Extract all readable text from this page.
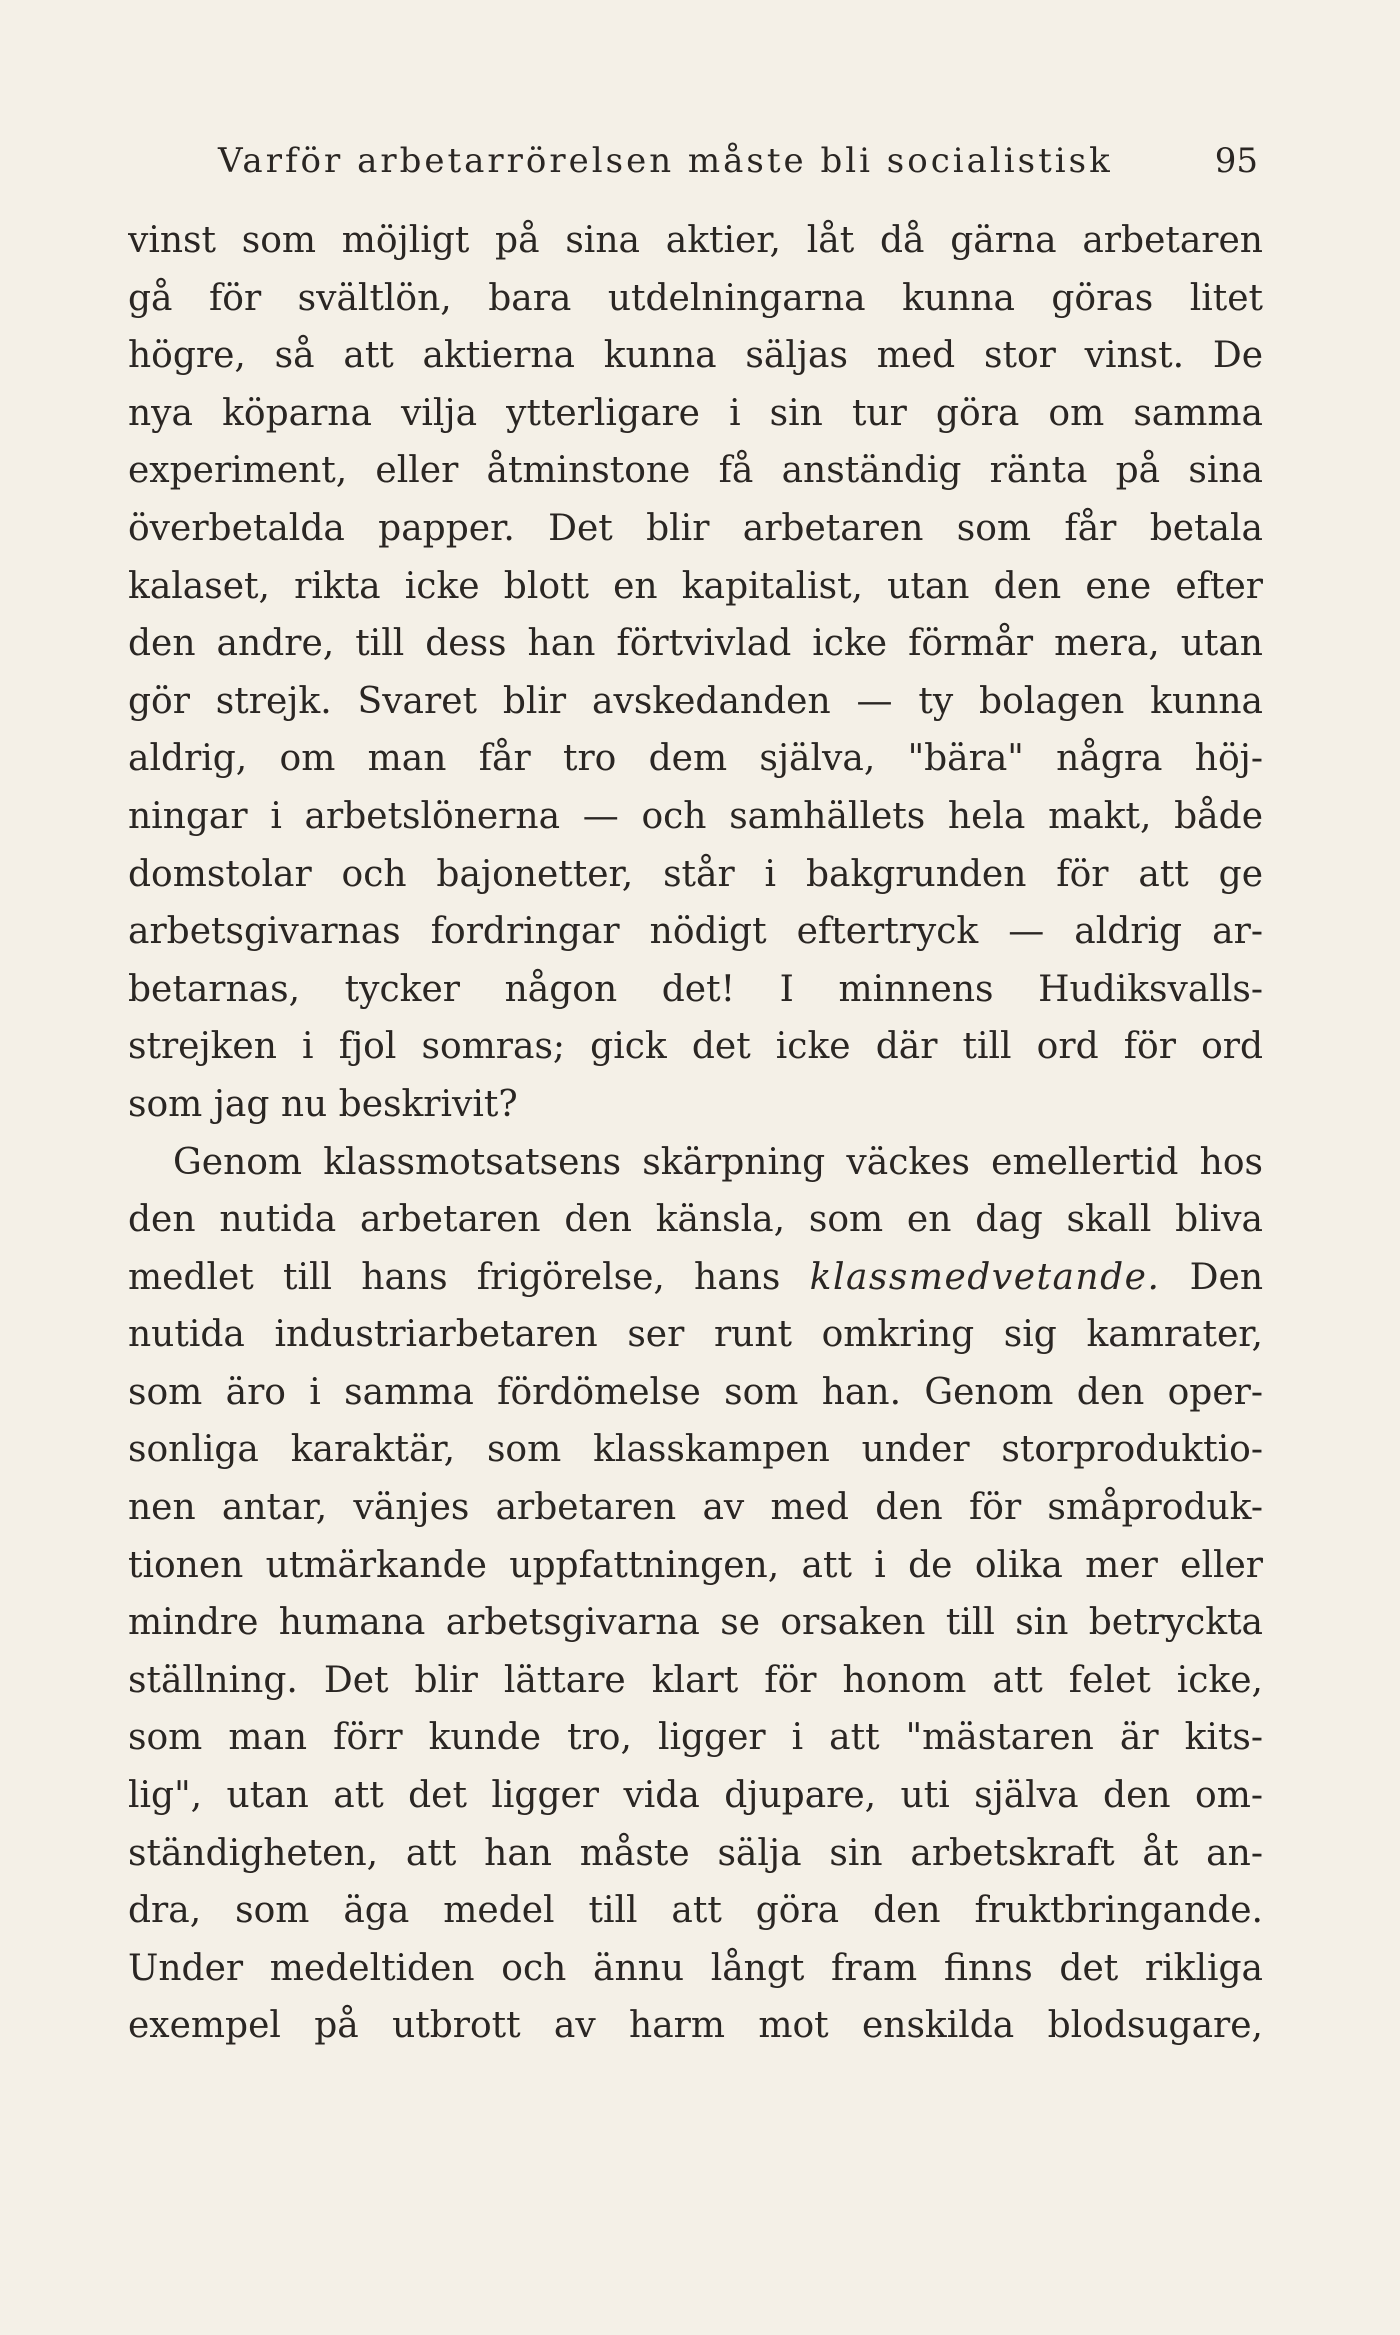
Varför arbetarrörelsen måste bli socialistisk	95
vinst som möjligt på sina aktier, låt då gärna arbetaren
gå för svältlön, bara utdelningarna kunna göras litet
högre, så att aktierna kunna säljas med stor vinst. De
nya köparna vilja ytterligare i sin tur göra om samma
experiment, eller åtminstone få anständig ränta på sina
överbetalda papper. Det blir arbetaren som får betala
kalaset, rikta icke blott en kapitalist, utan den ene efter
den andre, till dess han förtvivlad icke förmår mera, utan
gör strejk. Svaret blir avskedanden — ty bolagen kunna
aldrig, om man får tro dem själva, "bära" några höj-
ningar i arbetslönerna — och samhällets hela makt, både
domstolar och bajonetter, står i bakgrunden för att ge
arbetsgivarnas fordringar nödigt eftertryck — aldrig ar-
betarnas, tycker någon det! I minnens Hudiksvalls-
strejken i fjol somras; gick det icke där till ord för ord
som jag nu beskrivit?
Genom klassmotsatsens skärpning väckes emellertid hos
den nutida arbetaren den känsla, som en dag skall bliva
medlet till hans frigörelse, hans klassmedvetande. Den
nutida industriarbetaren ser runt omkring sig kamrater,
som äro i samma fördömelse som han. Genom den oper-
sonliga karaktär, som klasskampen under storproduktio-
nen antar, vänjes arbetaren av med den för småproduk-
tionen utmärkande uppfattningen, att i de olika mer eller
mindre humana arbetsgivarna se orsaken till sin betryckta
ställning. Det blir lättare klart för honom att felet icke,
som man förr kunde tro, ligger i att "mästaren är kits-
lig", utan att det ligger vida djupare, uti själva den om-
ständigheten, att han måste sälja sin arbetskraft åt an-
dra, som äga medel till att göra den fruktbringande.
Under medeltiden och ännu långt fram finns det rikliga
exempel på utbrott av harm mot enskilda blodsugare,
